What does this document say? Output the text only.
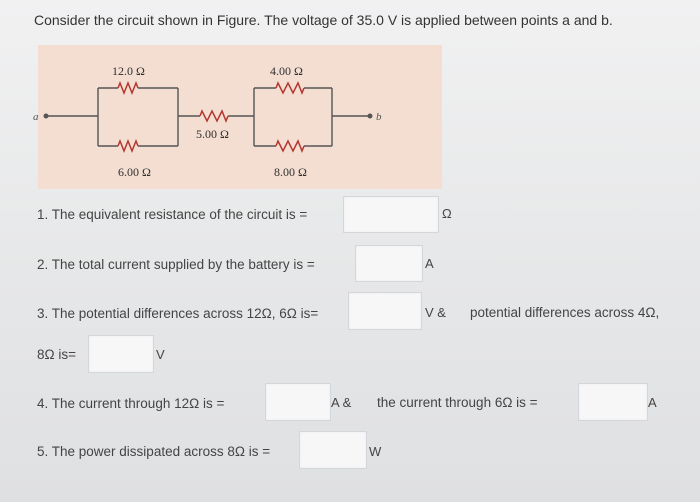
Consider the circuit shown in Figure. The voltage of 35.0 V is applied between points a and b.
a	b
12.0 Ω
6.00 Ω
5.00 Ω
4.00 Ω
8.00 Ω
1. The equivalent resistance of the circuit is =	Ω
2. The total current supplied by the battery is =	A
3. The potential differences across 12Ω, 6Ω is=	V & potential differences across 4Ω,
8Ω is=	V
4. The current through 12Ω is =	A & the current through 6Ω is =	A
5. The power dissipated across 8Ω is =	W
